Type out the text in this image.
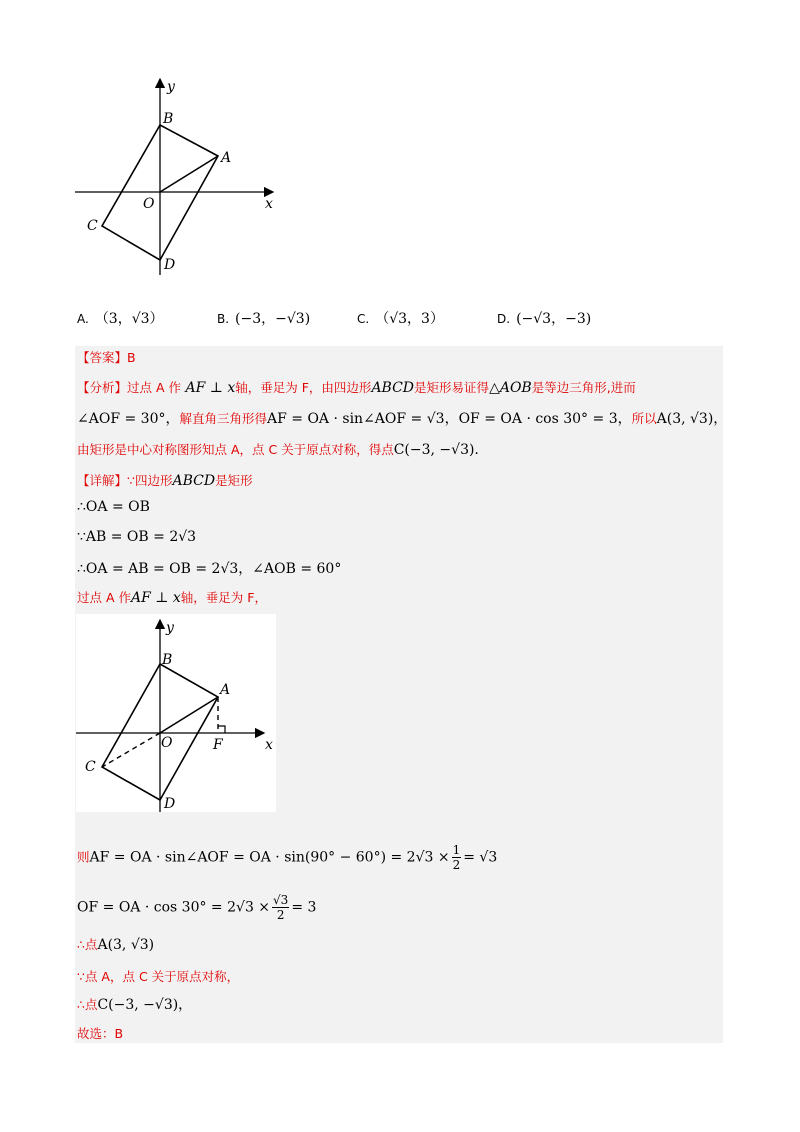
y
x
B
A
O
C
D
A. （3，√3）	B. (−3，−√3)	C. （√3，3）	D. (−√3，−3)
【答案】B
【分析】过点 A 作 AF ⊥ x轴，垂足为 F，由四边形ABCD是矩形易证得△AOB是等边三角形,进而
∠AOF = 30°，解直角三角形得AF = OA · sin∠AOF = √3，OF = OA · cos 30° = 3，所以A(3, √3)，
由矩形是中心对称图形知点 A，点 C 关于原点对称，得点C(−3, −√3).
【详解】∵四边形ABCD是矩形
∴OA = OB
∵AB = OB = 2√3
∴OA = AB = OB = 2√3，∠AOB = 60°
过点 A 作AF ⊥ x轴，垂足为 F，
y
x
B
A
O	F
C
D
则AF = OA · sin∠AOF = OA · $\sin(90^\circ - 60^\circ) = 2√3 \times \frac{1}{2} = √3$
OF = OA · $\cos 30^\circ = 2√3 \times \frac{√3}{2} = 3$
∴点A(3, √3)
∵点 A，点 C 关于原点对称，
∴点C(−3, −√3)，
故选：B
